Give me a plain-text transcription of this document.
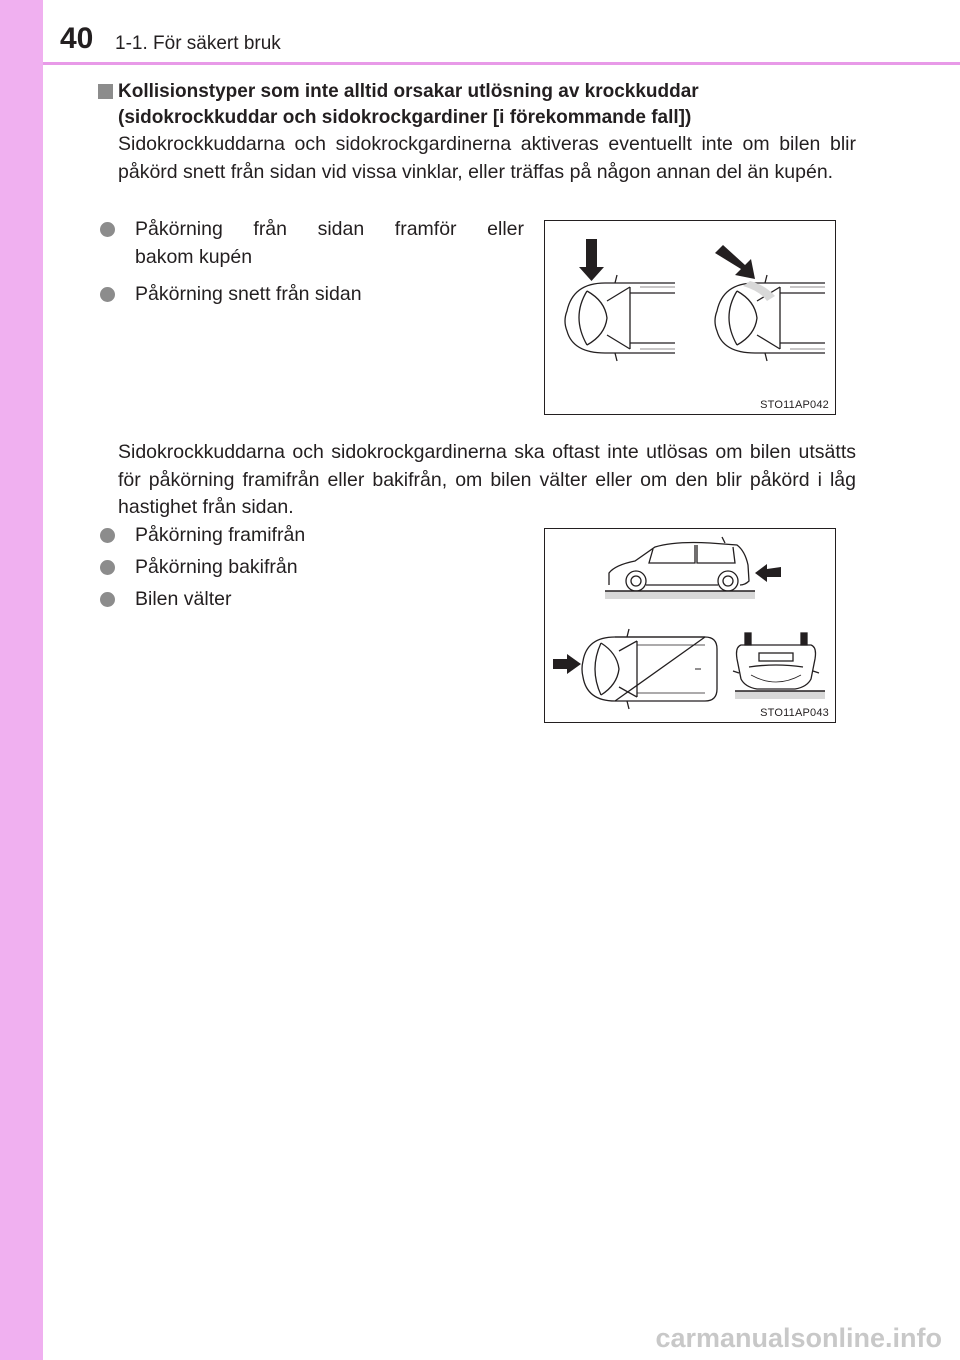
40 1-1. För säkert bruk
Kollisionstyper som inte alltid orsakar utlösning av krockkuddar (sidokrockkuddar och sidokrockgardiner [i förekommande fall])
Sidokrockkuddarna och sidokrockgardinerna aktiveras eventuellt inte om bilen blir påkörd snett från sidan vid vissa vinklar, eller träffas på någon annan del än kupén.
Påkörning från sidan framför eller
bakom kupén
Påkörning snett från sidan
STO11AP042
Sidokrockkuddarna och sidokrockgardinerna ska oftast inte utlösas om bilen utsätts för påkörning framifrån eller bakifrån, om bilen välter eller om den blir påkörd i låg hastighet från sidan.
Påkörning framifrån
Påkörning bakifrån
Bilen välter
STO11AP043
carmanualsonline.info
